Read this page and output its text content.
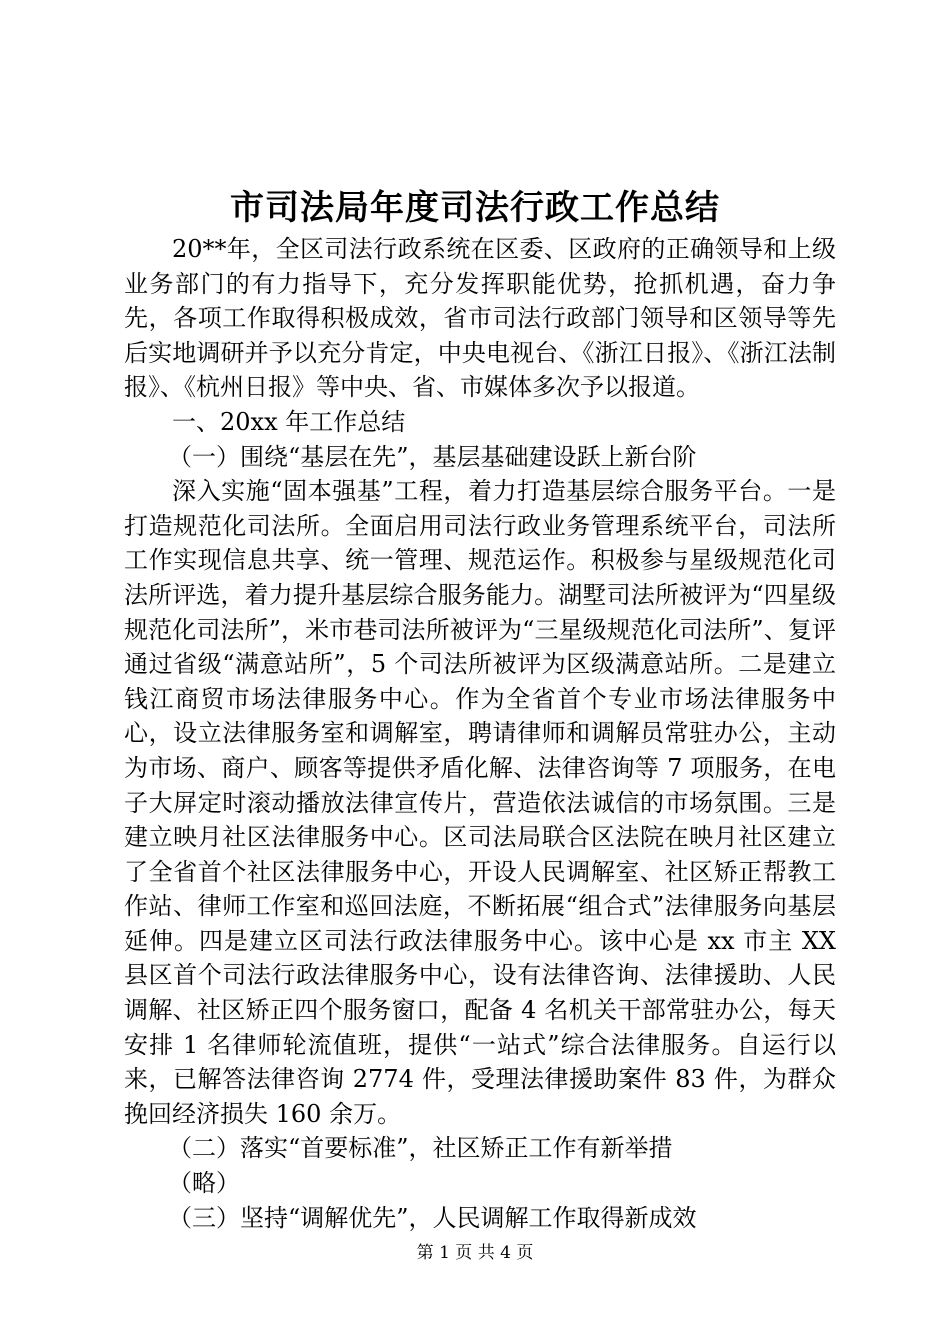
市司法局年度司法行政工作总结

20**年，全区司法行政系统在区委、区政府的正确领导和上级业务部门的有力指导下，充分发挥职能优势，抢抓机遇，奋力争先，各项工作取得积极成效，省市司法行政部门领导和区领导等先后实地调研并予以充分肯定，中央电视台、《浙江日报》、《浙江法制报》、《杭州日报》等中央、省、市媒体多次予以报道。

一、20xx 年工作总结

（一）围绕“基层在先”，基层基础建设跃上新台阶

深入实施“固本强基”工程，着力打造基层综合服务平台。一是打造规范化司法所。全面启用司法行政业务管理系统平台，司法所工作实现信息共享、统一管理、规范运作。积极参与星级规范化司法所评选，着力提升基层综合服务能力。湖墅司法所被评为“四星级规范化司法所”，米市巷司法所被评为“三星级规范化司法所”、复评通过省级“满意站所”，5 个司法所被评为区级满意站所。二是建立钱江商贸市场法律服务中心。作为全省首个专业市场法律服务中心，设立法律服务室和调解室，聘请律师和调解员常驻办公，主动为市场、商户、顾客等提供矛盾化解、法律咨询等 7 项服务，在电子大屏定时滚动播放法律宣传片，营造依法诚信的市场氛围。三是建立映月社区法律服务中心。区司法局联合区法院在映月社区建立了全省首个社区法律服务中心，开设人民调解室、社区矫正帮教工作站、律师工作室和巡回法庭，不断拓展“组合式”法律服务向基层延伸。四是建立区司法行政法律服务中心。该中心是 xx 市主 XX 县区首个司法行政法律服务中心，设有法律咨询、法律援助、人民调解、社区矫正四个服务窗口，配备 4 名机关干部常驻办公，每天安排 1 名律师轮流值班，提供“一站式”综合法律服务。自运行以来，已解答法律咨询 2774 件，受理法律援助案件 83 件，为群众挽回经济损失 160 余万。

（二）落实“首要标准”，社区矫正工作有新举措

（略）

（三）坚持“调解优先”，人民调解工作取得新成效

第 1 页 共 4 页
